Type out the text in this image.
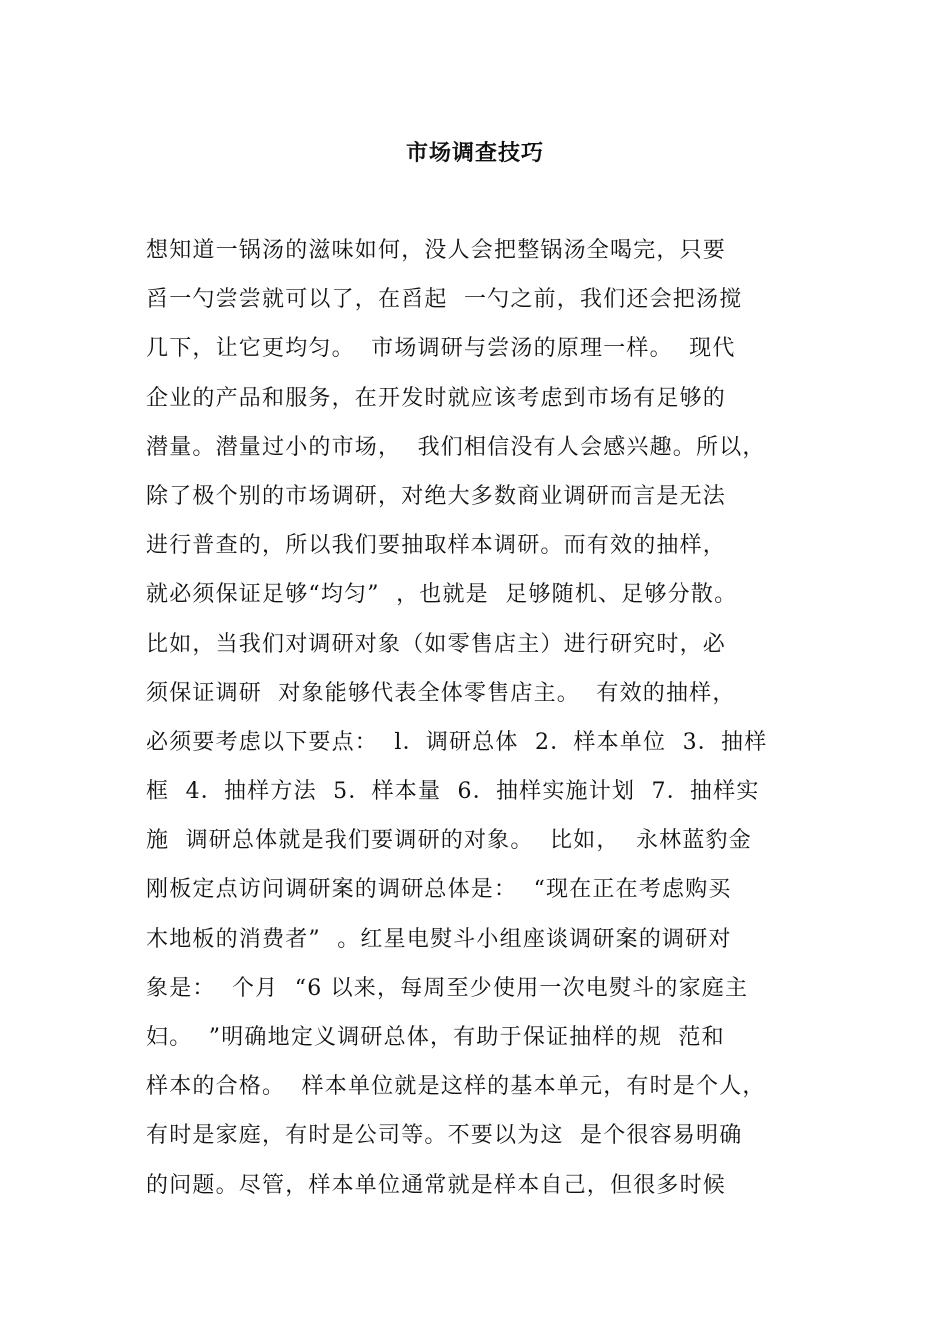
市场调查技巧
想知道一锅汤的滋味如何，没人会把整锅汤全喝完，只要
舀一勺尝尝就可以了，在舀起  一勺之前，我们还会把汤搅
几下，让它更均匀。  市场调研与尝汤的原理一样。  现代
企业的产品和服务，在开发时就应该考虑到市场有足够的
潜量。潜量过小的市场，  我们相信没有人会感兴趣。所以，
除了极个别的市场调研，对绝大多数商业调研而言是无法
进行普查的，所以我们要抽取样本调研。而有效的抽样，
就必须保证足够“均匀”  ，也就是  足够随机、足够分散。
比如，当我们对调研对象（如零售店主）进行研究时，必
须保证调研  对象能够代表全体零售店主。  有效的抽样，
必须要考虑以下要点：  l．调研总体  2．样本单位  3．抽样
框  4．抽样方法  5．样本量  6．抽样实施计划  7．抽样实
施  调研总体就是我们要调研的对象。  比如，  永林蓝豹金
刚板定点访问调研案的调研总体是：  “现在正在考虑购买
木地板的消费者”  。红星电熨斗小组座谈调研案的调研对
象是：  个月  “6 以来，每周至少使用一次电熨斗的家庭主
妇。  ”明确地定义调研总体，有助于保证抽样的规  范和
样本的合格。  样本单位就是这样的基本单元，有时是个人，
有时是家庭，有时是公司等。不要以为这  是个很容易明确
的问题。尽管，样本单位通常就是样本自己，但很多时候
